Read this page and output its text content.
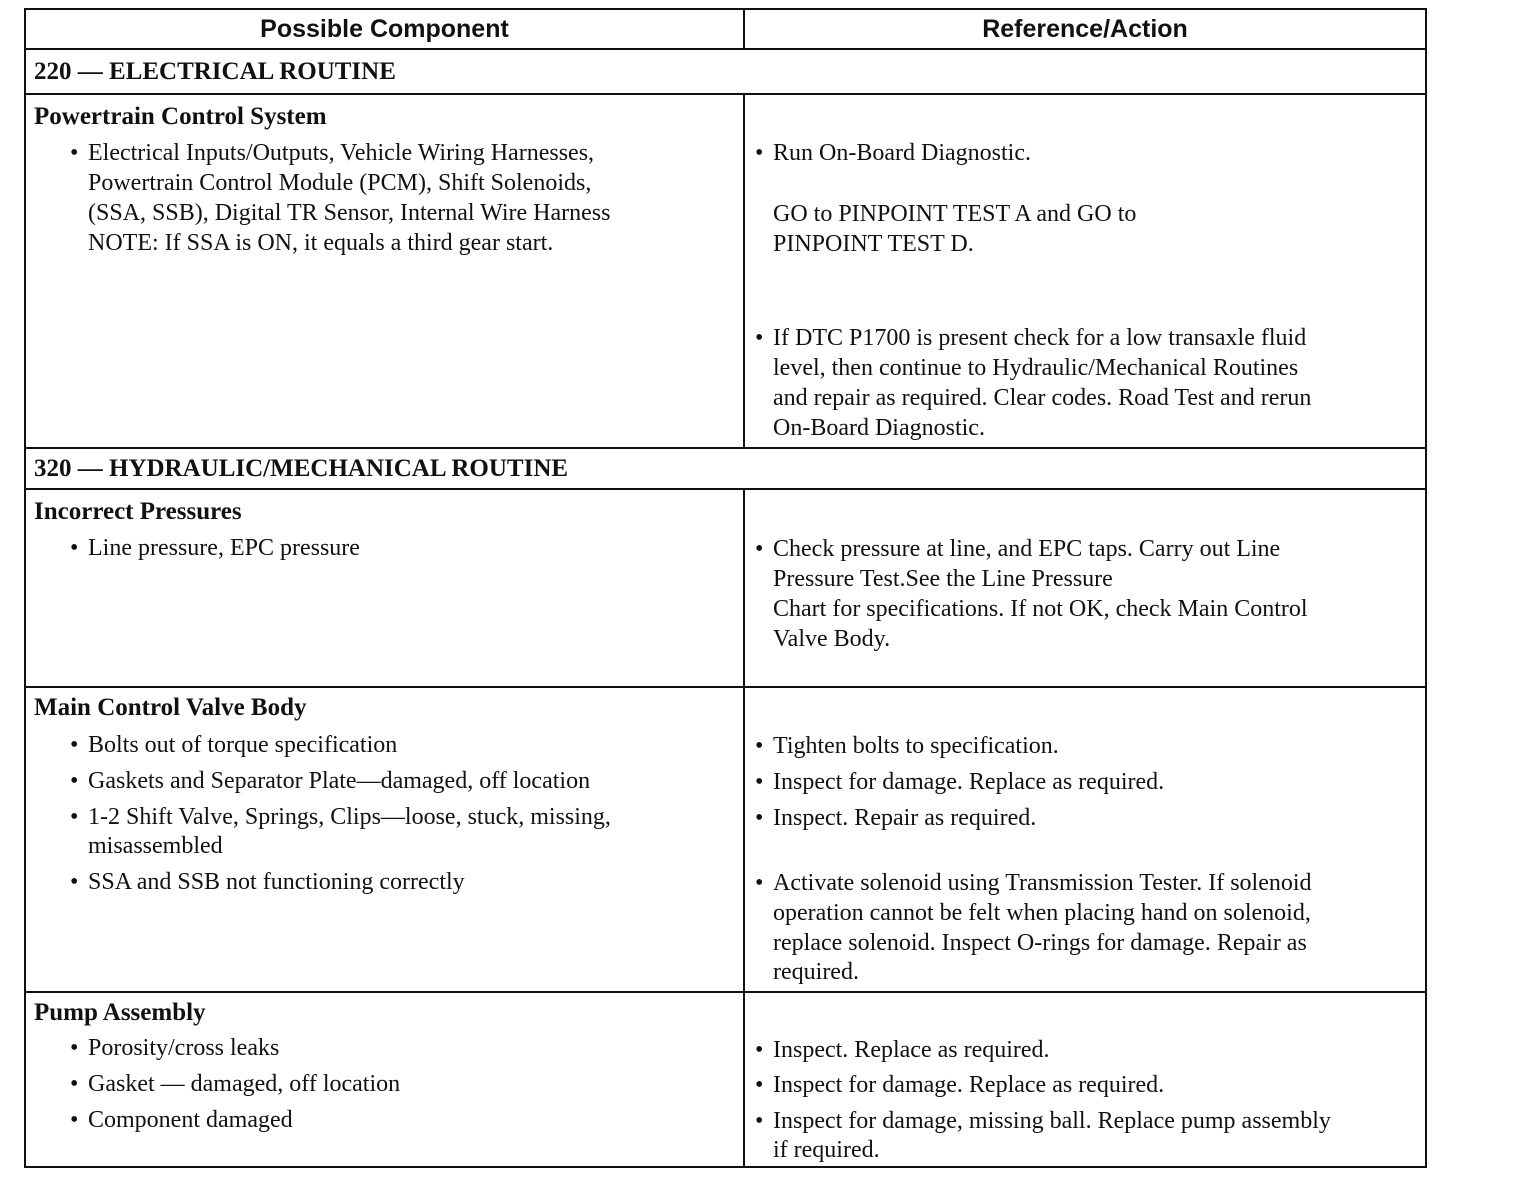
Possible Component	Reference/Action
220 — ELECTRICAL ROUTINE
Powertrain Control System
• Electrical Inputs/Outputs, Vehicle Wiring Harnesses,
Powertrain Control Module (PCM), Shift Solenoids,
(SSA, SSB), Digital TR Sensor, Internal Wire Harness
NOTE: If SSA is ON, it equals a third gear start.
• Run On-Board Diagnostic.
GO to PINPOINT TEST A and GO to
PINPOINT TEST D.
• If DTC P1700 is present check for a low transaxle fluid
level, then continue to Hydraulic/Mechanical Routines
and repair as required. Clear codes. Road Test and rerun
On-Board Diagnostic.
320 — HYDRAULIC/MECHANICAL ROUTINE
Incorrect Pressures
• Line pressure, EPC pressure	• Check pressure at line, and EPC taps. Carry out Line
Pressure Test.See the Line Pressure
Chart for specifications. If not OK, check Main Control
Valve Body.
Main Control Valve Body
• Bolts out of torque specification
• Gaskets and Separator Plate—damaged, off location
• 1-2 Shift Valve, Springs, Clips—loose, stuck, missing,
misassembled
• SSA and SSB not functioning correctly
• Tighten bolts to specification.
• Inspect for damage. Replace as required.
• Inspect. Repair as required.
• Activate solenoid using Transmission Tester. If solenoid
operation cannot be felt when placing hand on solenoid,
replace solenoid. Inspect O-rings for damage. Repair as
required.
Pump Assembly
• Porosity/cross leaks
• Gasket — damaged, off location
• Component damaged
• Inspect. Replace as required.
• Inspect for damage. Replace as required.
• Inspect for damage, missing ball. Replace pump assembly
if required.
